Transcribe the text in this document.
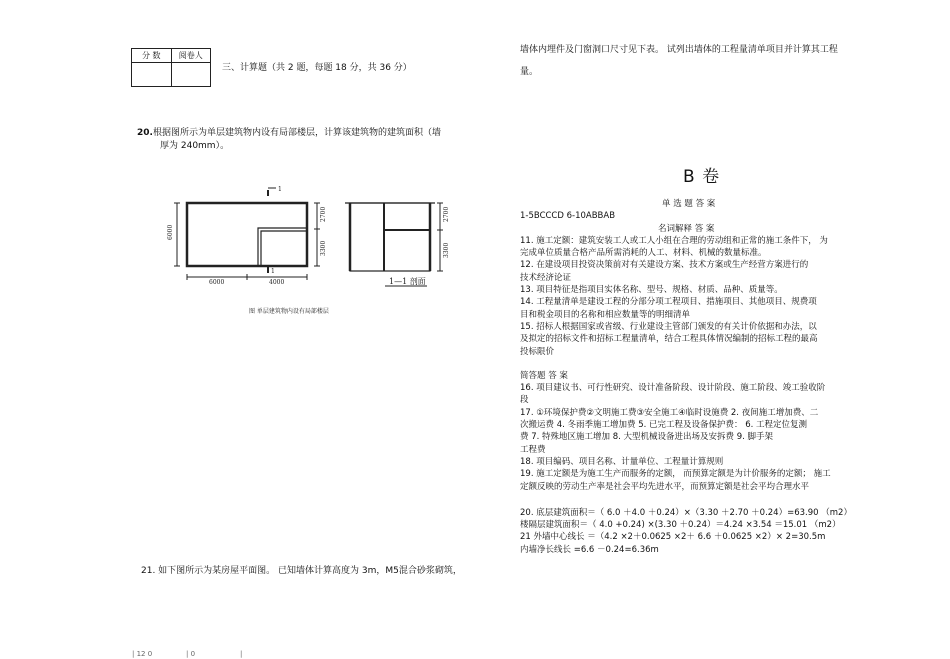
分 数	阅卷人

三、计算题（共 2 题，每题 18 分，共 36 分）
20.根据图所示为单层建筑物内设有局部楼层，计算该建筑物的建筑面积（墙
厚为 240mm）。
6000
6000	4000
2700
3300
2700
3300
1
1
1—1 剖面
图 单层建筑物内设有局部楼层
21. 如下图所示为某房屋平面图。 已知墙体计算高度为 3m，M5混合砂浆砌筑，
墙体内埋件及门窗洞口尺寸见下表。 试列出墙体的工程量清单项目并计算其工程
量。
B 卷
单 选 题 答 案
1-5BCCCD 6-10ABBAB
名词解释 答 案
11. 施工定额：建筑安装工人或工人小组在合理的劳动组和正常的施工条件下， 为
完成单位质量合格产品所需消耗的人工、材料、机械的数量标准。
12. 在建设项目投资决策前对有关建设方案、技术方案或生产经营方案进行的
技术经济论证
13. 项目特征是指项目实体名称、型号、规格、材质、品种、质量等。
14. 工程量清单是建设工程的分部分项工程项目、措施项目、其他项目、规费项
目和税金项目的名称和相应数量等的明细清单
15. 招标人根据国家或省级、行业建设主管部门颁发的有关计价依据和办法，以
及拟定的招标文件和招标工程量清单，结合工程具体情况编制的招标工程的最高
投标限价
简答题 答 案
16. 项目建议书、可行性研究、设计准备阶段、设计阶段、施工阶段、竣工验收阶
段
17. ①环境保护费②文明施工费③安全施工④临时设施费 2. 夜间施工增加费、二
次搬运费 4. 冬雨季施工增加费 5. 已完工程及设备保护费： 6. 工程定位复测
费 7. 特殊地区施工增加 8. 大型机械设备进出场及安拆费 9. 脚手架
工程费
18. 项目编码、项目名称、计量单位、工程量计算规则
19. 施工定额是为施工生产而服务的定额， 而预算定额是为计价服务的定额； 施工
定额反映的劳动生产率是社会平均先进水平，而预算定额是社会平均合理水平
20. 底层建筑面积＝（ 6.0 ＋4.0 ＋0.24）×（3.30 ＋2.70 ＋0.24）=63.90 （m2）
楼隔层建筑面积＝（ 4.0 +0.24) ×(3.30 ＋0.24）＝4.24 ×3.54 ＝15.01 （m2）
21 外墙中心线长 ＝（4.2 ×2＋0.0625 ×2＋ 6.6 ＋0.0625 ×2）× 2=30.5m
内墙净长线长 =6.6 －0.24=6.36m
| 12 0	| 0	|
